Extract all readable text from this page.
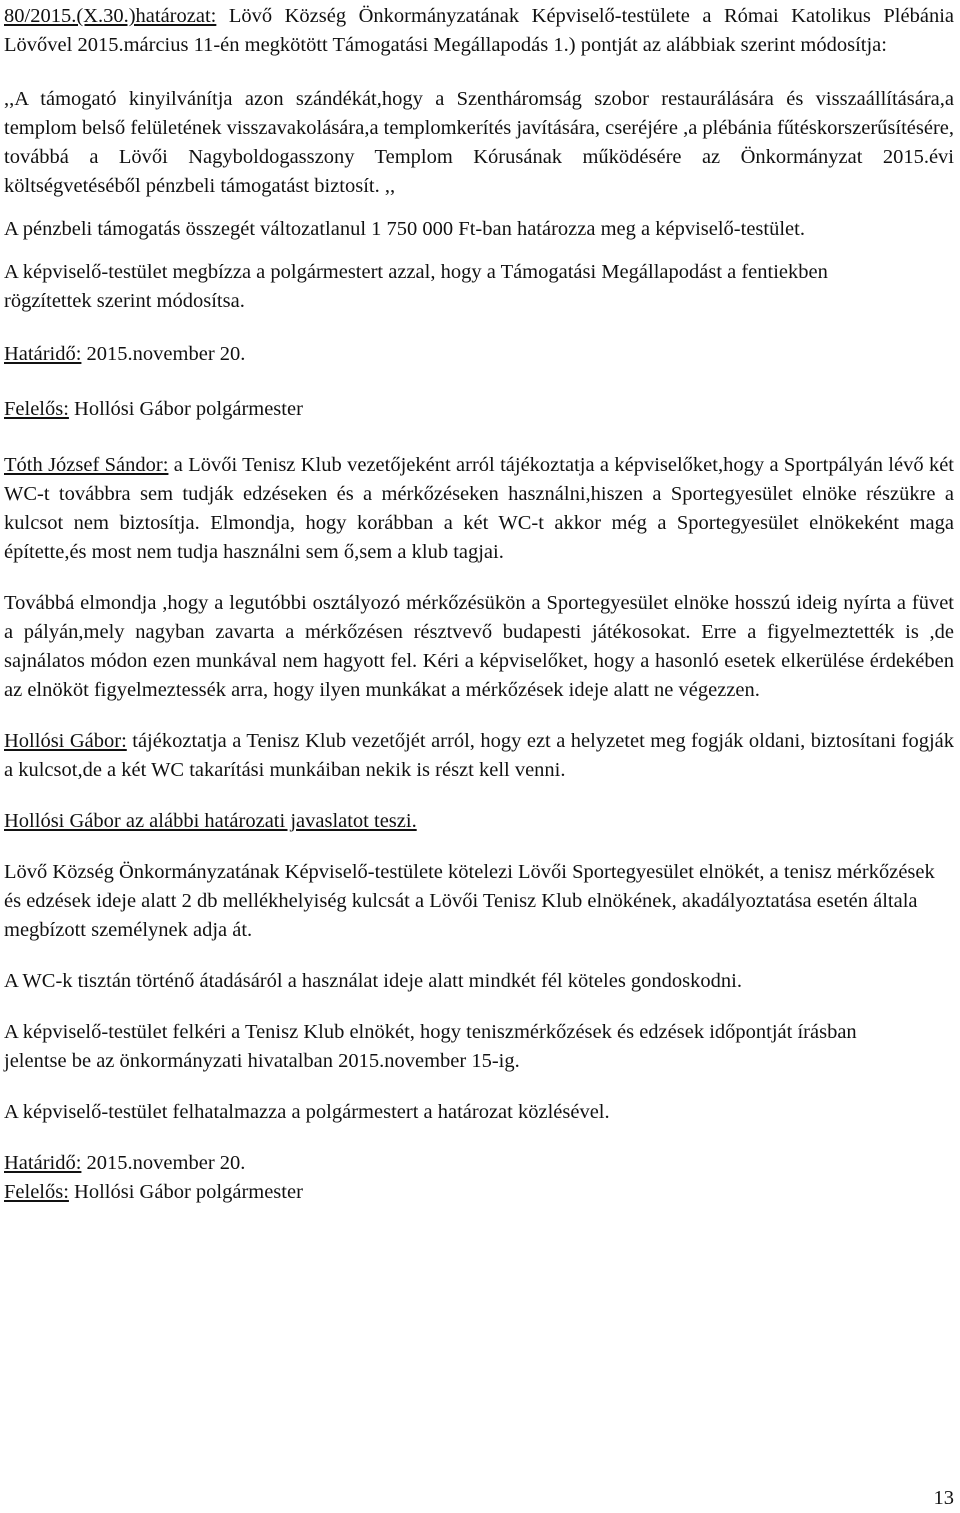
80/2015.(X.30.)határozat: Lövő Község Önkormányzatának Képviselő-testülete a Római Katolikus Plébánia Lövővel 2015.március 11-én megkötött Támogatási Megállapodás 1.) pontját az alábbiak szerint módosítja:

,,A támogató kinyilvánítja azon szándékát,hogy a Szentháromság szobor restaurálására és visszaállítására,a templom belső felületének visszavakolására,a templomkerítés javítására, cseréjére ,a plébánia fűtéskorszerűsítésére, továbbá a Lövői Nagyboldogasszony Templom Kórusának működésére az Önkormányzat 2015.évi költségvetéséből pénzbeli támogatást biztosít. ,,

A pénzbeli támogatás összegét változatlanul 1 750 000 Ft-ban határozza meg a képviselő-testület.

A képviselő-testület megbízza a polgármestert azzal, hogy a Támogatási Megállapodást a fentiekben rögzítettek szerint módosítsa.

Határidő: 2015.november 20.

Felelős: Hollósi Gábor polgármester

Tóth József Sándor: a Lövői Tenisz Klub vezetőjeként arról tájékoztatja a képviselőket,hogy a Sportpályán lévő két WC-t továbbra sem tudják edzéseken és a mérkőzéseken használni,hiszen a Sportegyesület elnöke részükre a kulcsot nem biztosítja. Elmondja, hogy korábban a két WC-t akkor még a Sportegyesület elnökeként maga építette,és most nem tudja használni sem ő,sem a klub tagjai.

Továbbá elmondja ,hogy a legutóbbi osztályozó mérkőzésükön a Sportegyesület elnöke hosszú ideig nyírta a füvet a pályán,mely nagyban zavarta a mérkőzésen résztvevő budapesti játékosokat. Erre a figyelmeztették is ,de sajnálatos módon ezen munkával nem hagyott fel. Kéri a képviselőket, hogy a hasonló esetek elkerülése érdekében az elnököt figyelmeztessék arra, hogy ilyen munkákat a mérkőzések ideje alatt ne végezzen.

Hollósi Gábor: tájékoztatja a Tenisz Klub vezetőjét arról, hogy ezt a helyzetet meg fogják oldani, biztosítani fogják a kulcsot,de a két WC takarítási munkáiban nekik is részt kell venni.

Hollósi Gábor az alábbi határozati javaslatot teszi.

Lövő Község Önkormányzatának Képviselő-testülete kötelezi Lövői Sportegyesület elnökét, a tenisz mérkőzések és edzések ideje alatt 2 db mellékhelyiség kulcsát a Lövői Tenisz Klub elnökének, akadályoztatása esetén általa megbízott személynek adja át.

A WC-k tisztán történő átadásáról a használat ideje alatt mindkét fél köteles gondoskodni.

A képviselő-testület felkéri a Tenisz Klub elnökét, hogy teniszmérkőzések és edzések időpontját írásban jelentse be az önkormányzati hivatalban 2015.november 15-ig.

A képviselő-testület felhatalmazza a polgármestert a határozat közlésével.

Határidő: 2015.november 20.

Felelős: Hollósi Gábor polgármester

13
